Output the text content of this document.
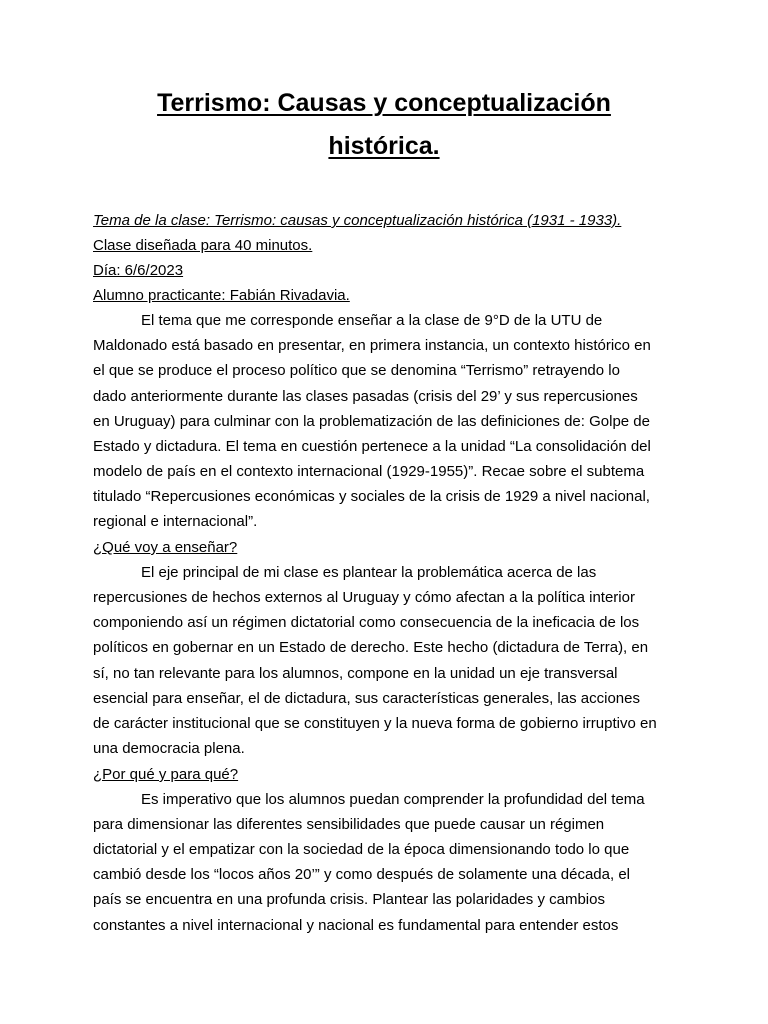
Terrismo: Causas y conceptualización
histórica.
Tema de la clase: Terrismo: causas y conceptualización histórica (1931 - 1933).
Clase diseñada para 40 minutos.
Día: 6/6/2023
Alumno practicante: Fabián Rivadavia.
El tema que me corresponde enseñar a la clase de 9°D de la UTU de
Maldonado está basado en presentar, en primera instancia, un contexto histórico en
el que se produce el proceso político que se denomina “Terrismo” retrayendo lo
dado anteriormente durante las clases pasadas (crisis del 29’ y sus repercusiones
en Uruguay) para culminar con la problematización de las definiciones de: Golpe de
Estado y dictadura. El tema en cuestión pertenece a la unidad “La consolidación del
modelo de país en el contexto internacional (1929-1955)”. Recae sobre el subtema
titulado “Repercusiones económicas y sociales de la crisis de 1929 a nivel nacional,
regional e internacional”.
¿Qué voy a enseñar?
El eje principal de mi clase es plantear la problemática acerca de las
repercusiones de hechos externos al Uruguay y cómo afectan a la política interior
componiendo así un régimen dictatorial como consecuencia de la ineficacia de los
políticos en gobernar en un Estado de derecho. Este hecho (dictadura de Terra), en
sí, no tan relevante para los alumnos, compone en la unidad un eje transversal
esencial para enseñar, el de dictadura, sus características generales, las acciones
de carácter institucional que se constituyen y la nueva forma de gobierno irruptivo en
una democracia plena.
¿Por qué y para qué?
Es imperativo que los alumnos puedan comprender la profundidad del tema
para dimensionar las diferentes sensibilidades que puede causar un régimen
dictatorial y el empatizar con la sociedad de la época dimensionando todo lo que
cambió desde los “locos años 20’” y como después de solamente una década, el
país se encuentra en una profunda crisis. Plantear las polaridades y cambios
constantes a nivel internacional y nacional es fundamental para entender estos
